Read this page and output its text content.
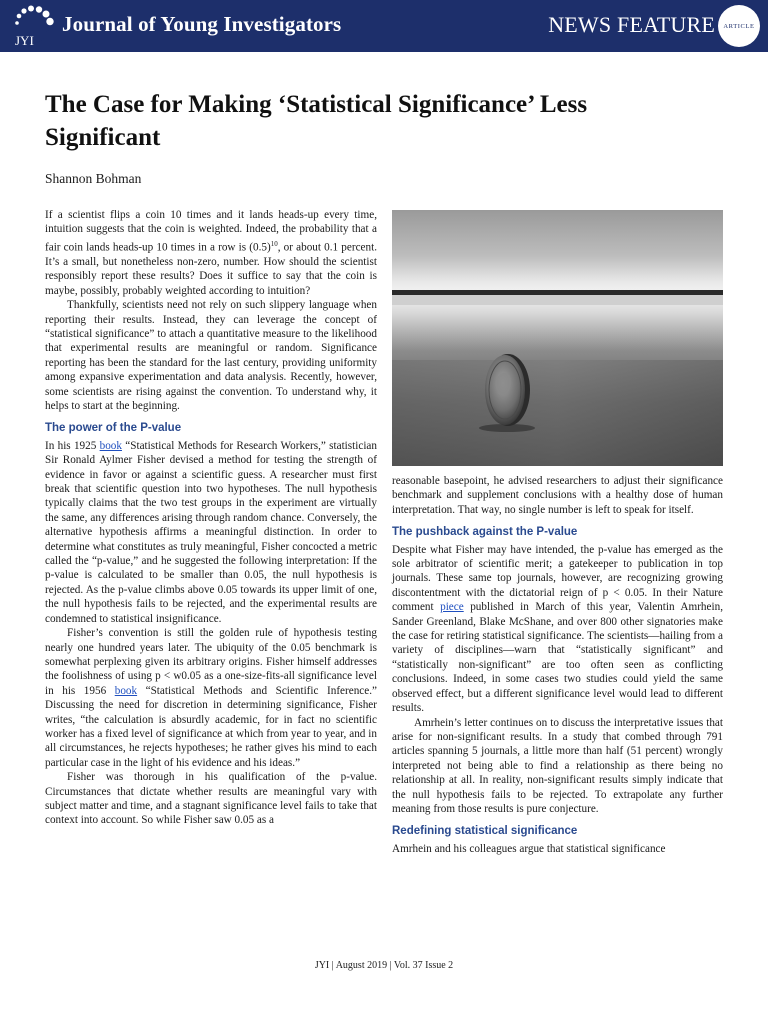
JYI
Journal of Young Investigators	NEWS FEATURE	ARTICLE
The Case for Making ‘Statistical Significance’ Less Significant
Shannon Bohman

If a scientist flips a coin 10 times and it lands heads-up every time, intuition suggests that the coin is weighted. Indeed, the probability that a fair coin lands heads-up 10 times in a row is $(0.5)^{10}$, or about 0.1 percent. It’s a small, but nonetheless non-zero, number. How should the scientist responsibly report these results? Does it suffice to say that the coin is maybe, possibly, probably weighted according to intuition?

Thankfully, scientists need not rely on such slippery language when reporting their results. Instead, they can leverage the concept of “statistical significance” to attach a quantitative measure to the likelihood that experimental results are meaningful or random. Significance reporting has been the standard for the last century, providing uniformity among expansive experimentation and data analysis. Recently, however, some scientists are rising against the convention. To understand why, it helps to start at the beginning.

The power of the P-value

In his 1925 book “Statistical Methods for Research Workers,” statistician Sir Ronald Aylmer Fisher devised a method for testing the strength of evidence in favor or against a scientific guess. A researcher must first break that scientific question into two hypotheses. The null hypothesis typically claims that the two test groups in the experiment are virtually the same, any differences arising through random chance. Conversely, the alternative hypothesis affirms a meaningful distinction. In order to determine what constitutes as truly meaningful, Fisher concocted a metric called the “p-value,” and he suggested the following interpretation: If the p-value is calculated to be smaller than 0.05, the null hypothesis is rejected. As the p-value climbs above 0.05 towards its upper limit of one, the null hypothesis fails to be rejected, and the experimental results are condemned to statistical insignificance.

Fisher’s convention is still the golden rule of hypothesis testing nearly one hundred years later. The ubiquity of the 0.05 benchmark is somewhat perplexing given its arbitrary origins. Fisher himself addresses the foolishness of using p < w0.05 as a one-size-fits-all significance level in his 1956 book “Statistical Methods and Scientific Inference.” Discussing the need for discretion in determining significance, Fisher writes, “the calculation is absurdly academic, for in fact no scientific worker has a fixed level of significance at which from year to year, and in all circumstances, he rejects hypotheses; he rather gives his mind to each particular case in the light of his evidence and his ideas.”

Fisher was thorough in his qualification of the p-value. Circumstances that dictate whether results are meaningful vary with subject matter and time, and a stagnant significance level fails to take that context into account. So while Fisher saw 0.05 as a

reasonable basepoint, he advised researchers to adjust their significance benchmark and supplement conclusions with a healthy dose of human interpretation. That way, no single number is left to speak for itself.

The pushback against the P-value

Despite what Fisher may have intended, the p-value has emerged as the sole arbitrator of scientific merit; a gatekeeper to publication in top journals. These same top journals, however, are recognizing growing discontentment with the dictatorial reign of p < 0.05. In their Nature comment piece published in March of this year, Valentin Amrhein, Sander Greenland, Blake McShane, and over 800 other signatories make the case for retiring statistical significance. The scientists—hailing from a variety of disciplines—warn that “statistically significant” and “statistically non-significant” are too often seen as conflicting conclusions. Indeed, in some cases two studies could yield the same observed effect, but a different significance level would lead to different results.

Amrhein’s letter continues on to discuss the interpretative issues that arise for non-significant results. In a study that combed through 791 articles spanning 5 journals, a little more than half (51 percent) wrongly interpreted not being able to find a relationship as there being no relationship at all. In reality, non-significant results simply indicate that the null hypothesis fails to be rejected. To extrapolate any further meaning from those results is pure conjecture.

Redefining statistical significance

Amrhein and his colleagues argue that statistical significance

JYI | August 2019 | Vol. 37 Issue 2
